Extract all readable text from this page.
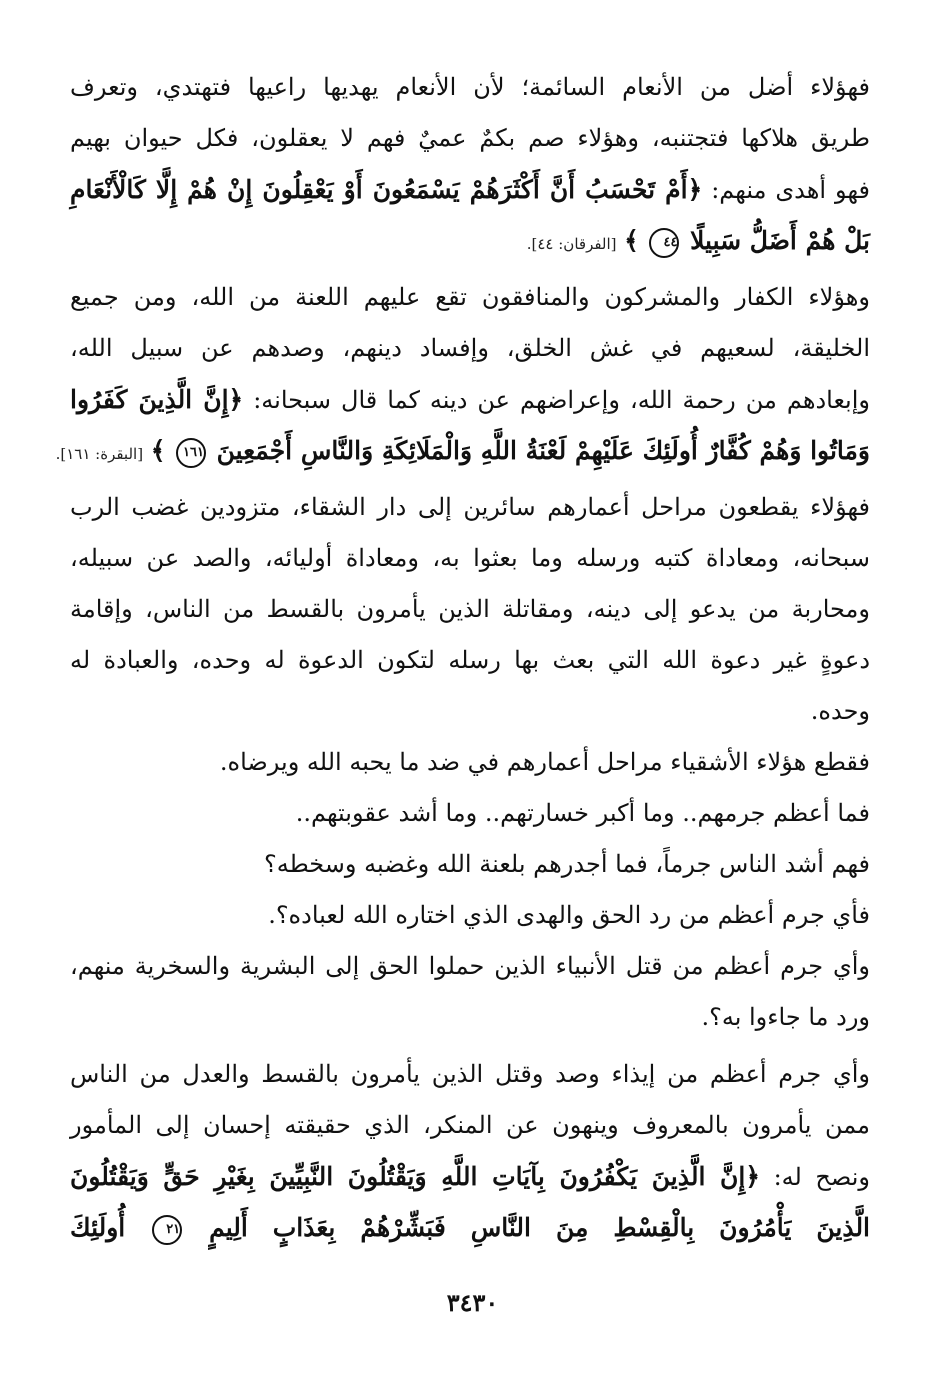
فهؤلاء أضل من الأنعام السائمة؛ لأن الأنعام يهديها راعيها فتهتدي، وتعرف
طريق هلاكها فتجتنبه، وهؤلاء صم بكمٌ عميٌ فهم لا يعقلون، فكل حيوان بهيم
فهو أهدى منهم: ﴿أَمْ تَحْسَبُ أَنَّ أَكْثَرَهُمْ يَسْمَعُونَ أَوْ يَعْقِلُونَ إِنْ هُمْ إِلَّا كَالْأَنْعَامِ
بَلْ هُمْ أَضَلُّ سَبِيلًا ٤٤ ﴾ [الفرقان: ٤٤].
وهؤلاء الكفار والمشركون والمنافقون تقع عليهم اللعنة من الله، ومن جميع
الخليقة، لسعيهم في غش الخلق، وإفساد دينهم، وصدهم عن سبيل الله،
وإبعادهم من رحمة الله، وإعراضهم عن دينه كما قال سبحانه: ﴿إِنَّ الَّذِينَ كَفَرُوا
وَمَاتُوا وَهُمْ كُفَّارٌ أُولَئِكَ عَلَيْهِمْ لَعْنَةُ اللَّهِ وَالْمَلَائِكَةِ وَالنَّاسِ أَجْمَعِينَ ١٦١ ﴾ [البقرة: ١٦١].
فهؤلاء يقطعون مراحل أعمارهم سائرين إلى دار الشقاء، متزودين غضب الرب
سبحانه، ومعاداة كتبه ورسله وما بعثوا به، ومعاداة أوليائه، والصد عن سبيله،
ومحاربة من يدعو إلى دينه، ومقاتلة الذين يأمرون بالقسط من الناس، وإقامة
دعوةٍ غير دعوة الله التي بعث بها رسله لتكون الدعوة له وحده، والعبادة له
وحده.
فقطع هؤلاء الأشقياء مراحل أعمارهم في ضد ما يحبه الله ويرضاه.
فما أعظم جرمهم.. وما أكبر خسارتهم.. وما أشد عقوبتهم..
فهم أشد الناس جرماً، فما أجدرهم بلعنة الله وغضبه وسخطه؟
فأي جرم أعظم من رد الحق والهدى الذي اختاره الله لعباده؟.
وأي جرم أعظم من قتل الأنبياء الذين حملوا الحق إلى البشرية والسخرية منهم،
ورد ما جاءوا به؟.
وأي جرم أعظم من إيذاء وصد وقتل الذين يأمرون بالقسط والعدل من الناس
ممن يأمرون بالمعروف وينهون عن المنكر، الذي حقيقته إحسان إلى المأمور
ونصح له: ﴿إِنَّ الَّذِينَ يَكْفُرُونَ بِآيَاتِ اللَّهِ وَيَقْتُلُونَ النَّبِيِّينَ بِغَيْرِ حَقٍّ وَيَقْتُلُونَ
الَّذِينَ يَأْمُرُونَ بِالْقِسْطِ مِنَ النَّاسِ فَبَشِّرْهُمْ بِعَذَابٍ أَلِيمٍ ٢١ أُولَئِكَ
٣٤٣٠
